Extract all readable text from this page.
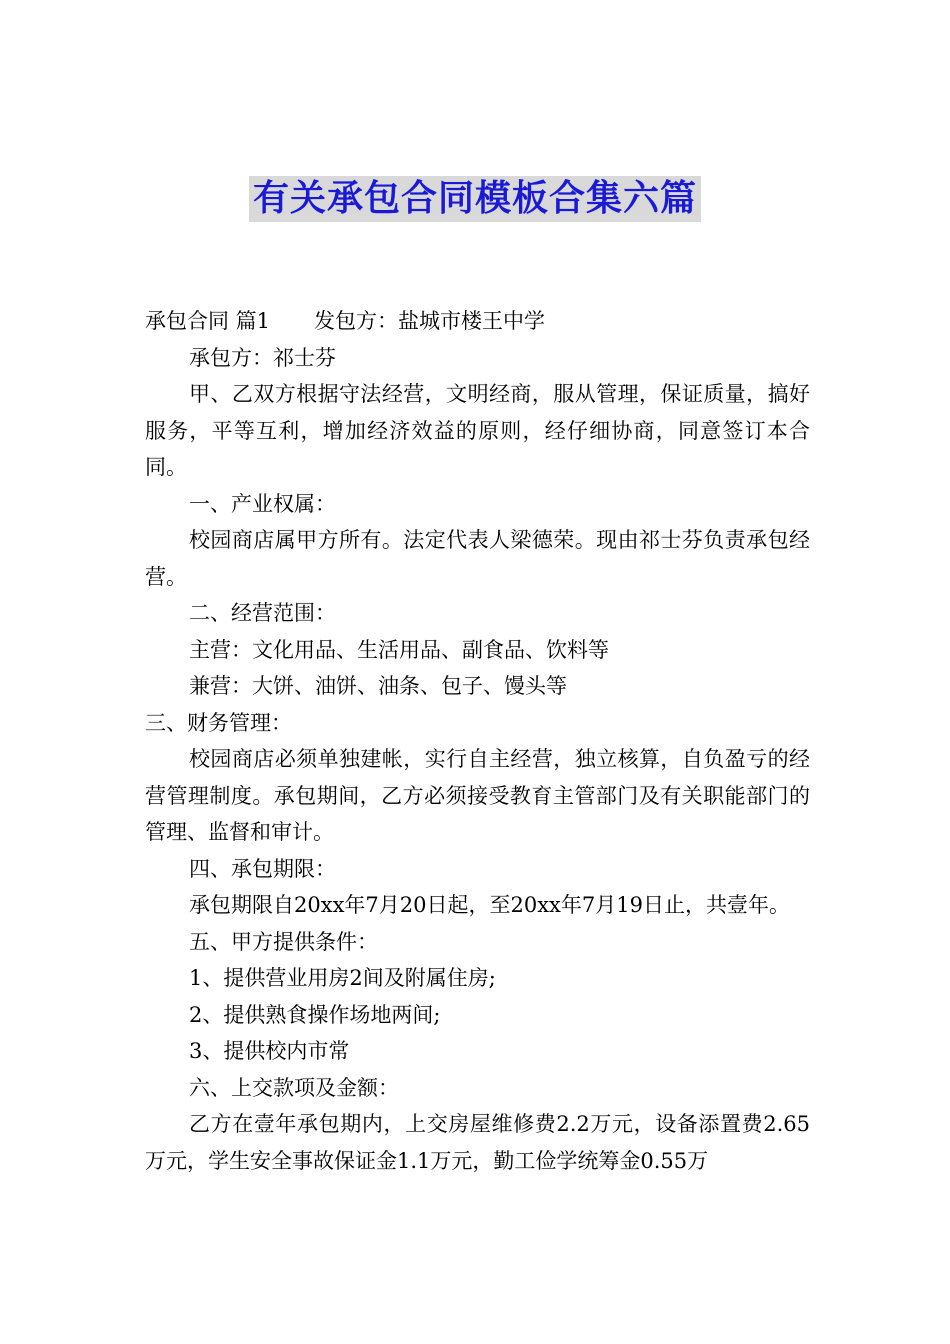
有关承包合同模板合集六篇

承包合同 篇1 发包方：盐城市楼王中学

承包方：祁士芬

甲、乙双方根据守法经营，文明经商，服从管理，保证质量，搞好服务，平等互利，增加经济效益的原则，经仔细协商，同意签订本合同。

一、产业权属：

校园商店属甲方所有。法定代表人梁德荣。现由祁士芬负责承包经营。

二、经营范围：

主营：文化用品、生活用品、副食品、饮料等

兼营：大饼、油饼、油条、包子、馒头等

三、财务管理：

校园商店必须单独建帐，实行自主经营，独立核算，自负盈亏的经营管理制度。承包期间，乙方必须接受教育主管部门及有关职能部门的管理、监督和审计。

四、承包期限：

承包期限自20xx年7月20日起，至20xx年7月19日止，共壹年。

五、甲方提供条件：

1、提供营业用房2间及附属住房;

2、提供熟食操作场地两间;

3、提供校内市常

六、上交款项及金额：

乙方在壹年承包期内，上交房屋维修费2.2万元，设备添置费2.65万元，学生安全事故保证金1.1万元，勤工俭学统筹金0.55万
